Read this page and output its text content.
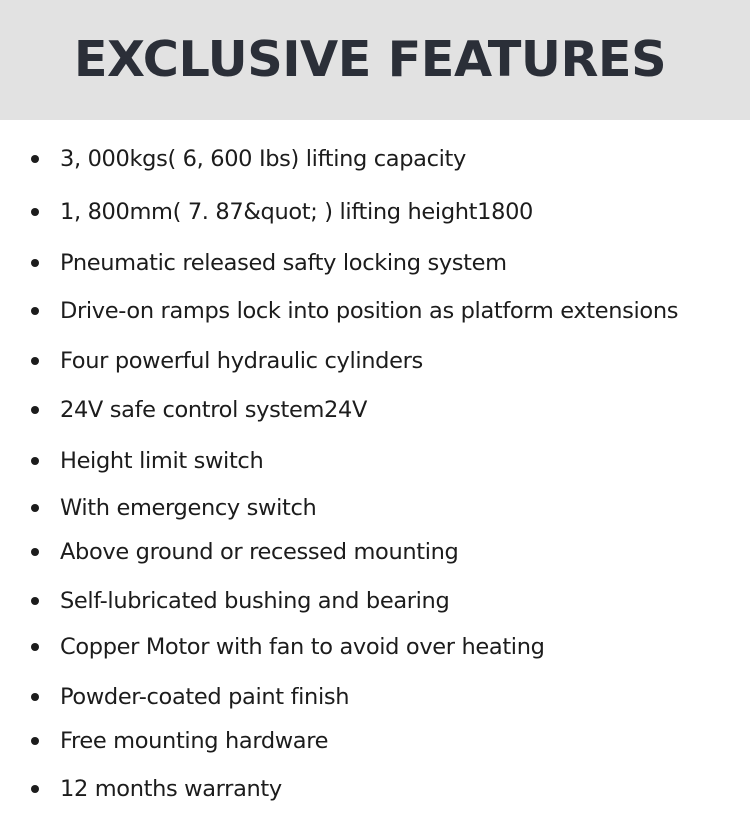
EXCLUSIVE FEATURES
3, 000kgs( 6, 600 Ibs) lifting capacity
1, 800mm( 7. 87&quot; ) lifting height1800
Pneumatic released safty locking system
Drive-on ramps lock into position as platform extensions
Four powerful hydraulic cylinders
24V safe control system24V
Height limit switch
With emergency switch
Above ground or recessed mounting
Self-lubricated bushing and bearing
Copper Motor with fan to avoid over heating
Powder-coated paint finish
Free mounting hardware
12 months warranty
